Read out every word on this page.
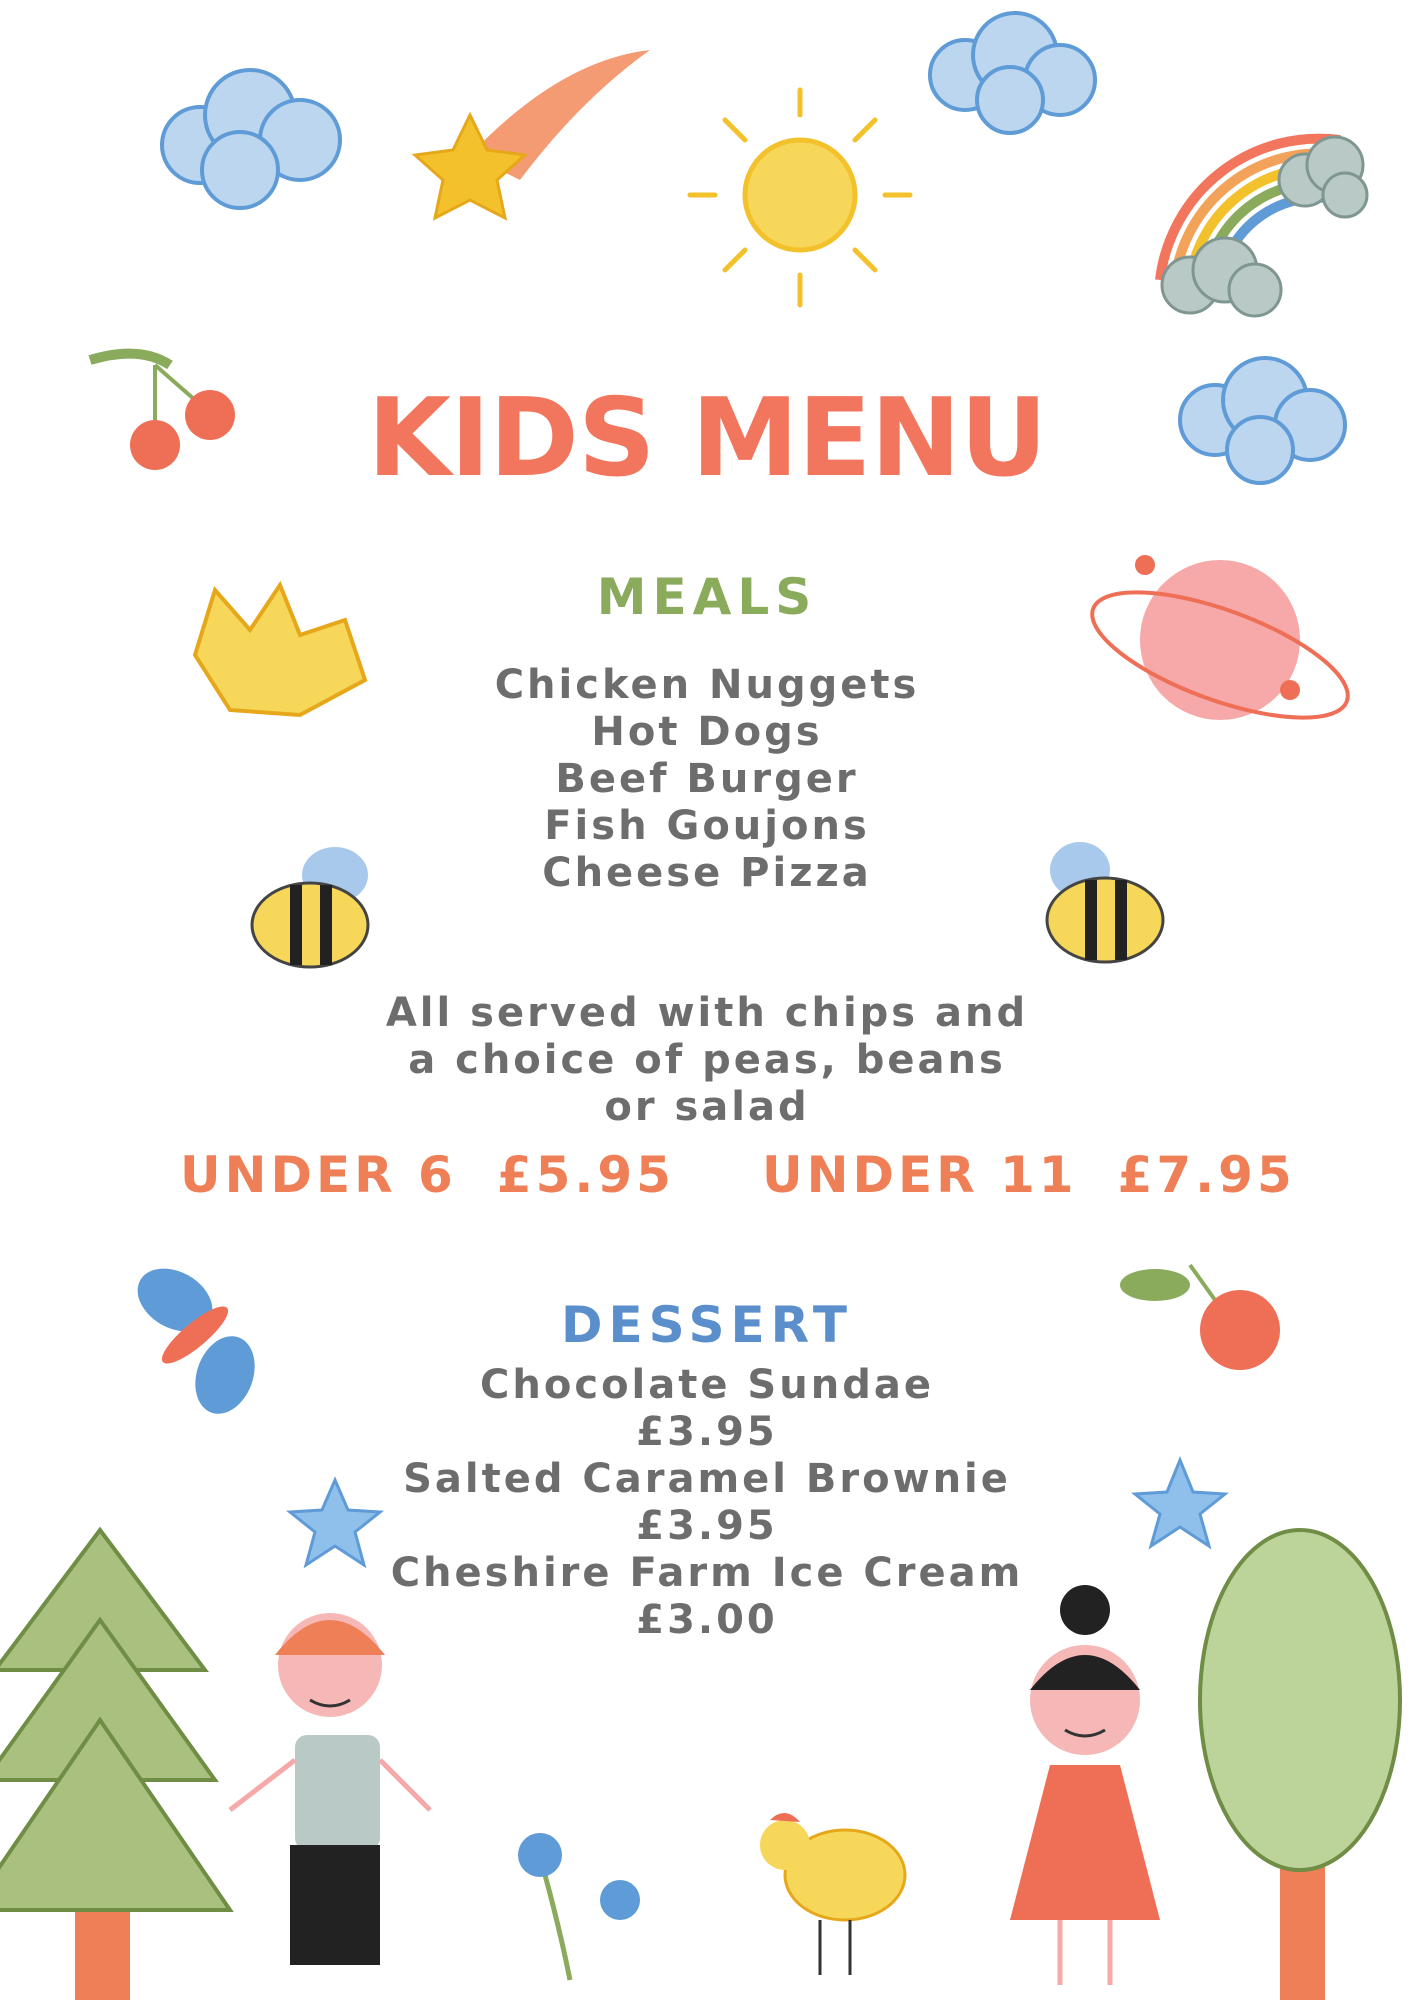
KIDS MENU
MEALS
Chicken Nuggets
Hot Dogs
Beef Burger
Fish Goujons
Cheese Pizza

All served with chips and
a choice of peas, beans
or salad

UNDER 6 £5.95 UNDER 11 £7.95
DESSERT
Chocolate Sundae
£3.95
Salted Caramel Brownie
£3.95
Cheshire Farm Ice Cream
£3.00
